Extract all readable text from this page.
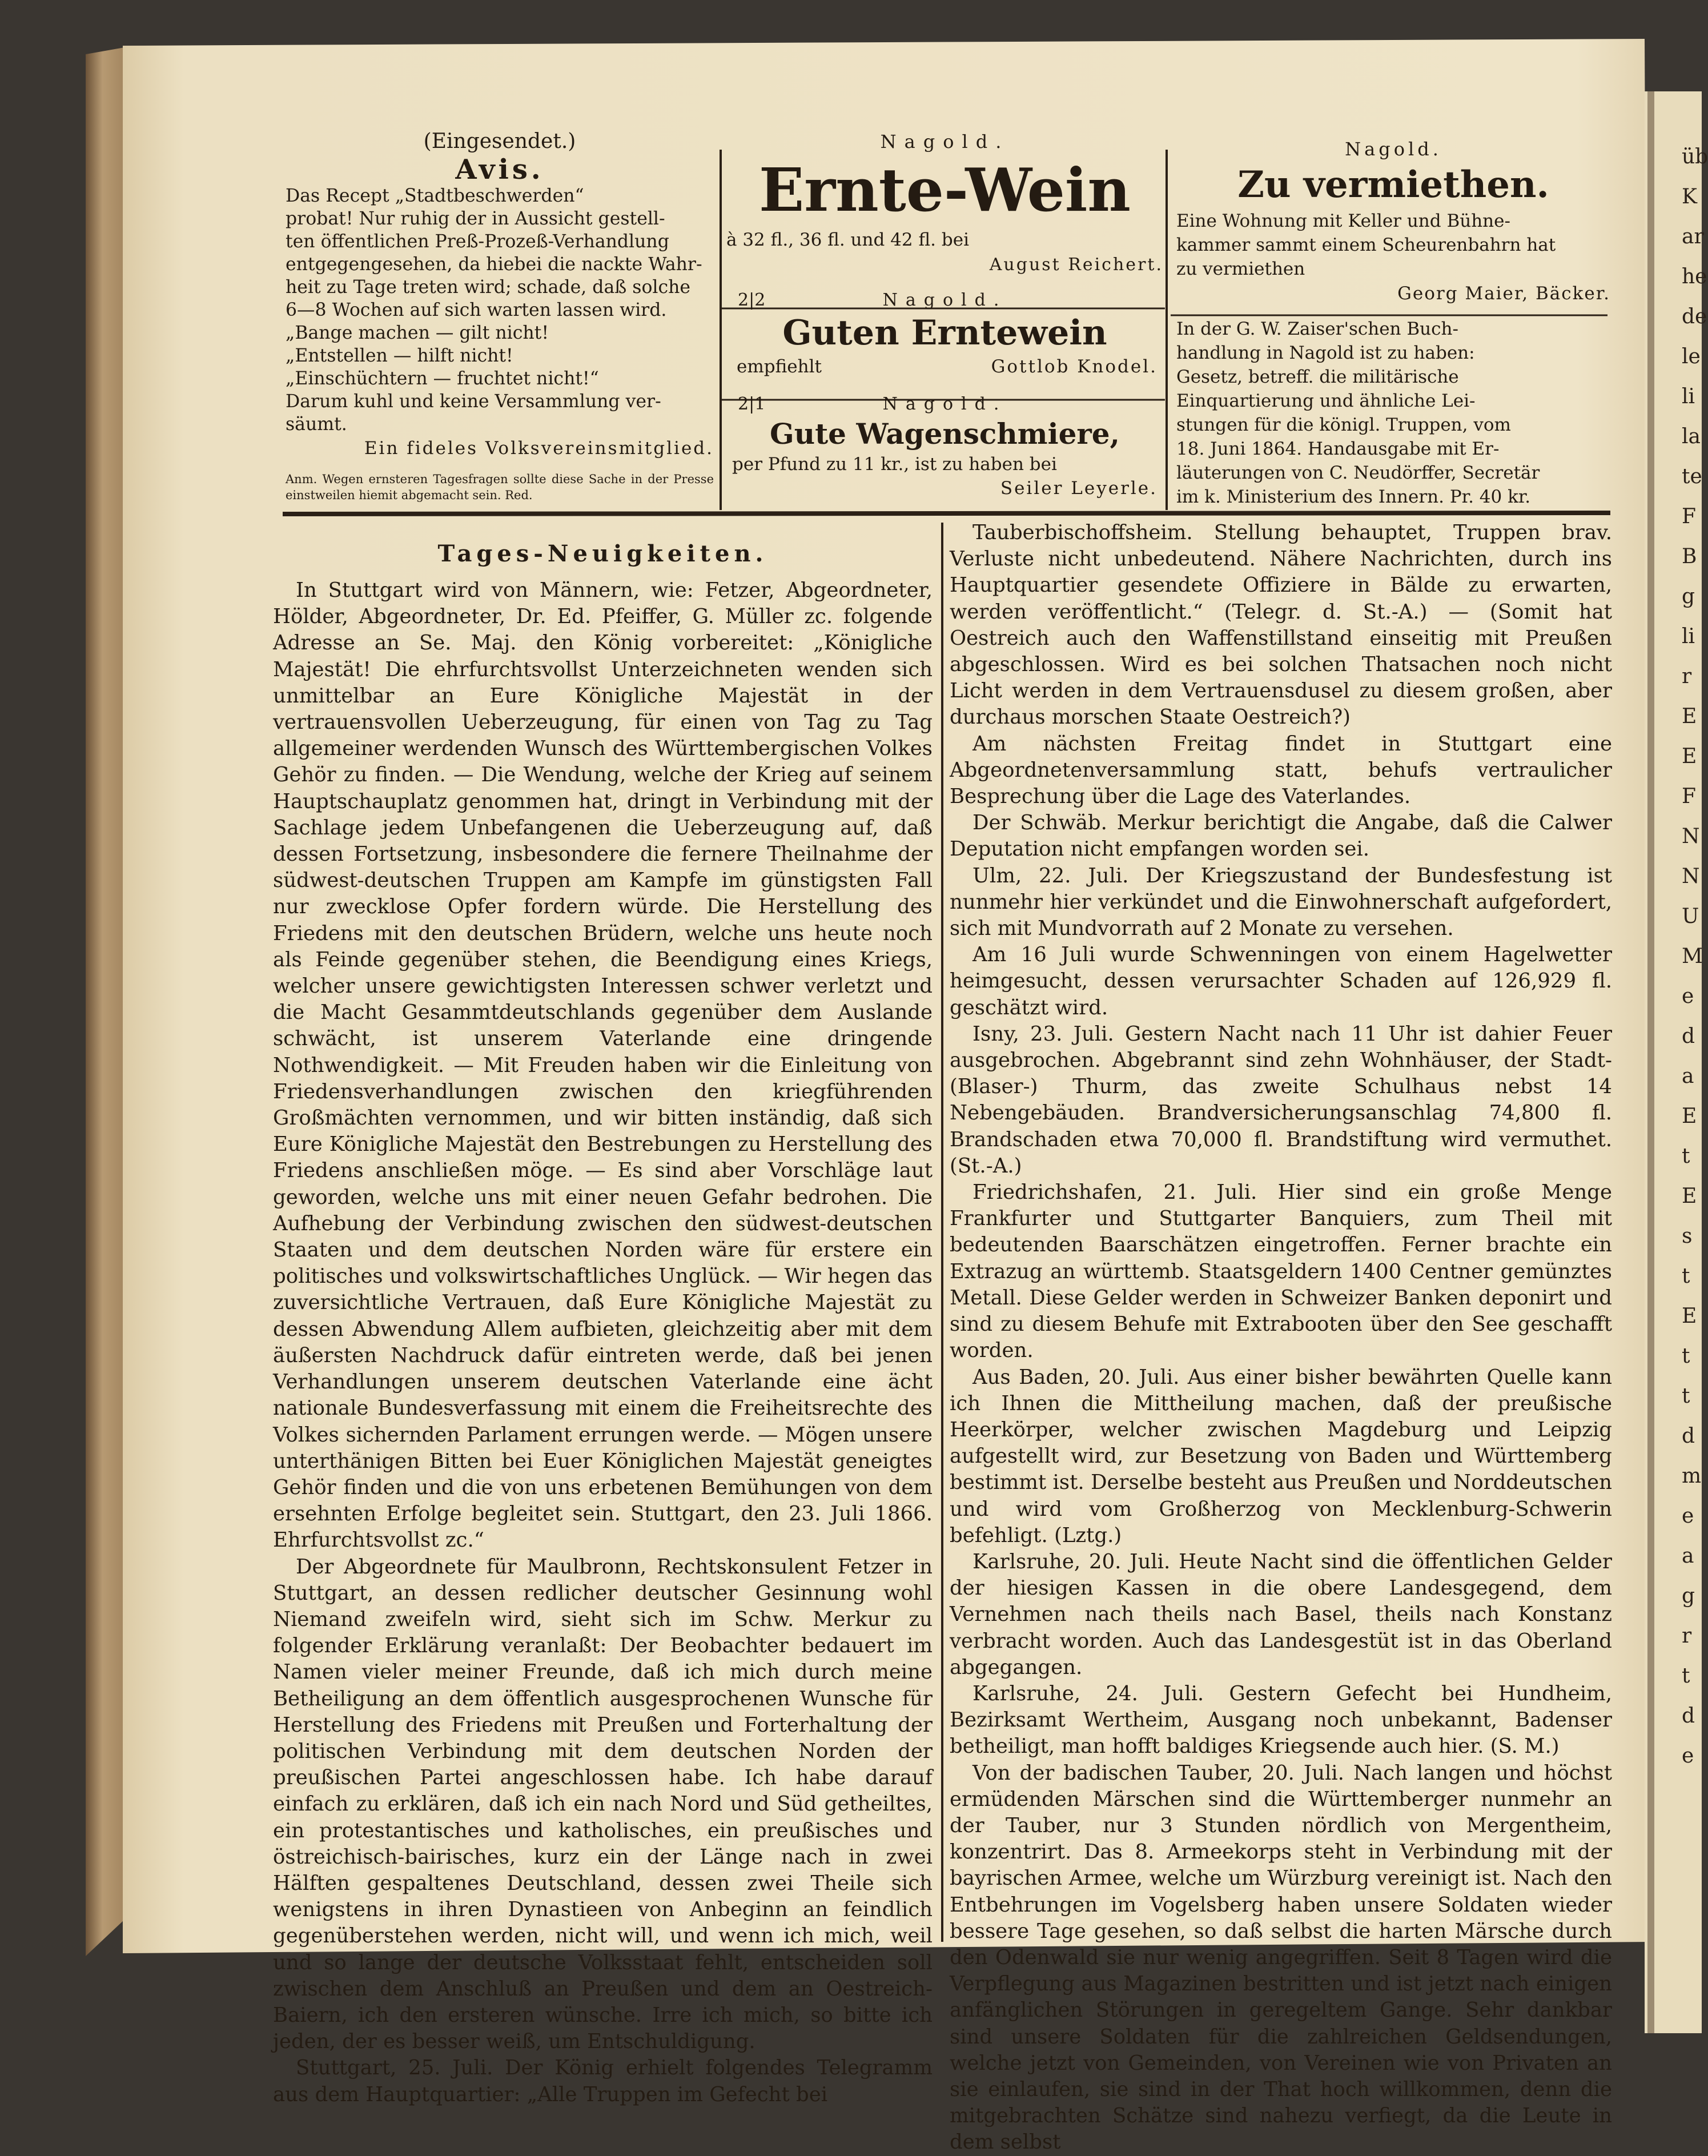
(Eingesendet.)
Avis.
Das Recept „Stadtbeschwerden“
probat! Nur ruhig der in Aussicht gestell-
ten öffentlichen Preß-Prozeß-Verhandlung
entgegengesehen, da hiebei die nackte Wahr-
heit zu Tage treten wird; schade, daß solche
6—8 Wochen auf sich warten lassen wird.
„Bange machen — gilt nicht!
„Entstellen — hilft nicht!
„Einschüchtern — fruchtet nicht!“
Darum kuhl und keine Versammlung ver-
säumt.
Ein fideles Volksvereinsmitglied.
Anm. Wegen ernsteren Tagesfragen sollte diese Sache in der Presse einstweilen hiemit abgemacht sein. Red.
Nagold.
Ernte-Wein
à 32 fl., 36 fl. und 42 fl. bei
August Reichert.
2|2	Nagold.
Guten Erntewein
empfiehlt	Gottlob Knodel.
2|1	Nagold.
Gute Wagenschmiere,
per Pfund zu 11 kr., ist zu haben bei
Seiler Leyerle.
Nagold.
Zu vermiethen.
Eine Wohnung mit Keller und Bühne-
kammer sammt einem Scheurenbahrn hat
zu vermiethen
Georg Maier, Bäcker.
In der G. W. Zaiser'schen Buch-
handlung in Nagold ist zu haben:
Gesetz, betreff. die militärische
Einquartierung und ähnliche Lei-
stungen für die königl. Truppen, vom
18. Juni 1864. Handausgabe mit Er-
läuterungen von C. Neudörffer, Secretär
im k. Ministerium des Innern. Pr. 40 kr.
Tages-Neuigkeiten.

In Stuttgart wird von Männern, wie: Fetzer, Abgeordneter, Hölder, Abgeordneter, Dr. Ed. Pfeiffer, G. Müller zc. folgende Adresse an Se. Maj. den König vorbereitet: „Königliche Majestät! Die ehrfurchtsvollst Unterzeichneten wenden sich unmittelbar an Eure Königliche Majestät in der vertrauensvollen Ueberzeugung, für einen von Tag zu Tag allgemeiner werdenden Wunsch des Württembergischen Volkes Gehör zu finden. — Die Wendung, welche der Krieg auf seinem Hauptschauplatz genommen hat, dringt in Verbindung mit der Sachlage jedem Unbefangenen die Ueberzeugung auf, daß dessen Fortsetzung, insbesondere die fernere Theilnahme der südwest-deutschen Truppen am Kampfe im günstigsten Fall nur zwecklose Opfer fordern würde. Die Herstellung des Friedens mit den deutschen Brüdern, welche uns heute noch als Feinde gegenüber stehen, die Beendigung eines Kriegs, welcher unsere gewichtigsten Interessen schwer verletzt und die Macht Gesammtdeutschlands gegenüber dem Auslande schwächt, ist unserem Vaterlande eine dringende Nothwendigkeit. — Mit Freuden haben wir die Einleitung von Friedensverhandlungen zwischen den kriegführenden Großmächten vernommen, und wir bitten inständig, daß sich Eure Königliche Majestät den Bestrebungen zu Herstellung des Friedens anschließen möge. — Es sind aber Vorschläge laut geworden, welche uns mit einer neuen Gefahr bedrohen. Die Aufhebung der Verbindung zwischen den südwest-deutschen Staaten und dem deutschen Norden wäre für erstere ein politisches und volkswirtschaftliches Unglück. — Wir hegen das zuversichtliche Vertrauen, daß Eure Königliche Majestät zu dessen Abwendung Allem aufbieten, gleichzeitig aber mit dem äußersten Nachdruck dafür eintreten werde, daß bei jenen Verhandlungen unserem deutschen Vaterlande eine ächt nationale Bundesverfassung mit einem die Freiheitsrechte des Volkes sichernden Parlament errungen werde. — Mögen unsere unterthänigen Bitten bei Euer Königlichen Majestät geneigtes Gehör finden und die von uns erbetenen Bemühungen von dem ersehnten Erfolge begleitet sein. Stuttgart, den 23. Juli 1866. Ehrfurchtsvollst zc.“

Der Abgeordnete für Maulbronn, Rechtskonsulent Fetzer in Stuttgart, an dessen redlicher deutscher Gesinnung wohl Niemand zweifeln wird, sieht sich im Schw. Merkur zu folgender Erklärung veranlaßt: Der Beobachter bedauert im Namen vieler meiner Freunde, daß ich mich durch meine Betheiligung an dem öffentlich ausgesprochenen Wunsche für Herstellung des Friedens mit Preußen und Forterhaltung der politischen Verbindung mit dem deutschen Norden der preußischen Partei angeschlossen habe. Ich habe darauf einfach zu erklären, daß ich ein nach Nord und Süd getheiltes, ein protestantisches und katholisches, ein preußisches und östreichisch-bairisches, kurz ein der Länge nach in zwei Hälften gespaltenes Deutschland, dessen zwei Theile sich wenigstens in ihren Dynastieen von Anbeginn an feindlich gegenüberstehen werden, nicht will, und wenn ich mich, weil und so lange der deutsche Volksstaat fehlt, entscheiden soll zwischen dem Anschluß an Preußen und dem an Oestreich-Baiern, ich den ersteren wünsche. Irre ich mich, so bitte ich jeden, der es besser weiß, um Entschuldigung.

Stuttgart, 25. Juli. Der König erhielt folgendes Telegramm aus dem Hauptquartier: „Alle Truppen im Gefecht bei

Tauberbischoffsheim. Stellung behauptet, Truppen brav. Verluste nicht unbedeutend. Nähere Nachrichten, durch ins Hauptquartier gesendete Offiziere in Bälde zu erwarten, werden veröffentlicht.“ (Telegr. d. St.-A.) — (Somit hat Oestreich auch den Waffenstillstand einseitig mit Preußen abgeschlossen. Wird es bei solchen Thatsachen noch nicht Licht werden in dem Vertrauensdusel zu diesem großen, aber durchaus morschen Staate Oestreich?)

Am nächsten Freitag findet in Stuttgart eine Abgeordnetenversammlung statt, behufs vertraulicher Besprechung über die Lage des Vaterlandes.

Der Schwäb. Merkur berichtigt die Angabe, daß die Calwer Deputation nicht empfangen worden sei.

Ulm, 22. Juli. Der Kriegszustand der Bundesfestung ist nunmehr hier verkündet und die Einwohnerschaft aufgefordert, sich mit Mundvorrath auf 2 Monate zu versehen.

Am 16 Juli wurde Schwenningen von einem Hagelwetter heimgesucht, dessen verursachter Schaden auf 126,929 fl. geschätzt wird.

Isny, 23. Juli. Gestern Nacht nach 11 Uhr ist dahier Feuer ausgebrochen. Abgebrannt sind zehn Wohnhäuser, der Stadt- (Blaser-) Thurm, das zweite Schulhaus nebst 14 Nebengebäuden. Brandversicherungsanschlag 74,800 fl. Brandschaden etwa 70,000 fl. Brandstiftung wird vermuthet. (St.-A.)

Friedrichshafen, 21. Juli. Hier sind ein große Menge Frankfurter und Stuttgarter Banquiers, zum Theil mit bedeutenden Baarschätzen eingetroffen. Ferner brachte ein Extrazug an württemb. Staatsgeldern 1400 Centner gemünztes Metall. Diese Gelder werden in Schweizer Banken deponirt und sind zu diesem Behufe mit Extrabooten über den See geschafft worden.

Aus Baden, 20. Juli. Aus einer bisher bewährten Quelle kann ich Ihnen die Mittheilung machen, daß der preußische Heerkörper, welcher zwischen Magdeburg und Leipzig aufgestellt wird, zur Besetzung von Baden und Württemberg bestimmt ist. Derselbe besteht aus Preußen und Norddeutschen und wird vom Großherzog von Mecklenburg-Schwerin befehligt. (Lztg.)

Karlsruhe, 20. Juli. Heute Nacht sind die öffentlichen Gelder der hiesigen Kassen in die obere Landesgegend, dem Vernehmen nach theils nach Basel, theils nach Konstanz verbracht worden. Auch das Landesgestüt ist in das Oberland abgegangen.

Karlsruhe, 24. Juli. Gestern Gefecht bei Hundheim, Bezirksamt Wertheim, Ausgang noch unbekannt, Badenser betheiligt, man hofft baldiges Kriegsende auch hier. (S. M.)

Von der badischen Tauber, 20. Juli. Nach langen und höchst ermüdenden Märschen sind die Württemberger nunmehr an der Tauber, nur 3 Stunden nördlich von Mergentheim, konzentrirt. Das 8. Armeekorps steht in Verbindung mit der bayrischen Armee, welche um Würzburg vereinigt ist. Nach den Entbehrungen im Vogelsberg haben unsere Soldaten wieder bessere Tage gesehen, so daß selbst die harten Märsche durch den Odenwald sie nur wenig angegriffen. Seit 8 Tagen wird die Verpflegung aus Magazinen bestritten und ist jetzt nach einigen anfänglichen Störungen in geregeltem Gange. Sehr dankbar sind unsere Soldaten für die zahlreichen Geldsendungen, welche jetzt von Gemeinden, von Vereinen wie von Privaten an sie einlaufen, sie sind in der That hoch willkommen, denn die mitgebrachten Schätze sind nahezu verfiegt, da die Leute in dem selbst

üb
K
ar
he
de
le
li
la
te
F
B
g
li
r
E
E
F
N
N
U
M
e
d
a
E
t
E
s
t
E
t
t
d
m
e
a
g
r
t
d
e
